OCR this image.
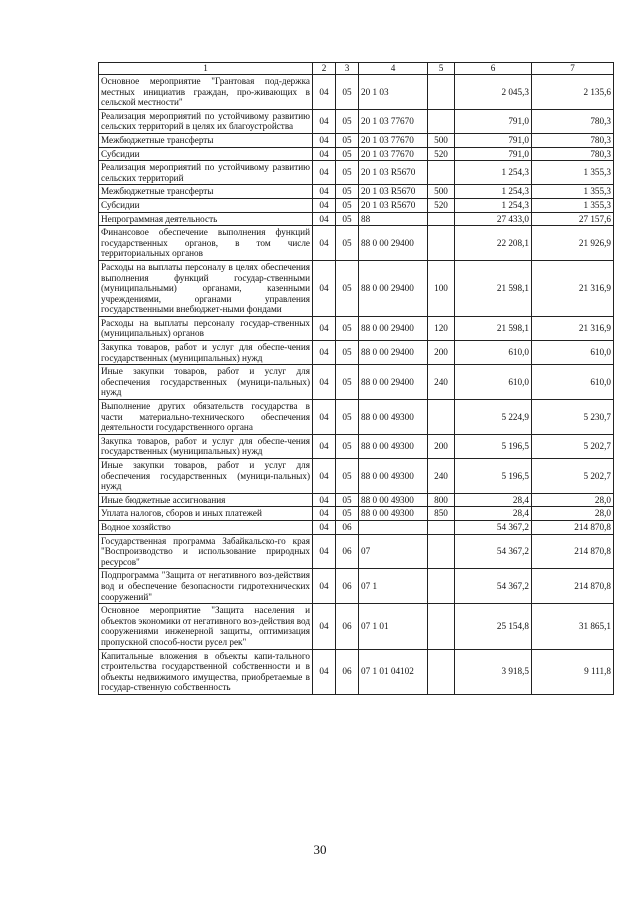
1	2	3	4	5	6	7
Основное мероприятие "Грантовая под-держка местных инициатив граждан, про-живающих в сельской местности"	04	05	20 1 03		2 045,3	2 135,6
Реализация мероприятий по устойчивому развитию сельских территорий в целях их благоустройства	04	05	20 1 03 77670		791,0	780,3
Межбюджетные трансферты	04	05	20 1 03 77670	500	791,0	780,3
Субсидии	04	05	20 1 03 77670	520	791,0	780,3
Реализация мероприятий по устойчивому развитию сельских территорий	04	05	20 1 03 R5670		1 254,3	1 355,3
Межбюджетные трансферты	04	05	20 1 03 R5670	500	1 254,3	1 355,3
Субсидии	04	05	20 1 03 R5670	520	1 254,3	1 355,3
Непрограммная деятельность	04	05	88		27 433,0	27 157,6
Финансовое обеспечение выполнения функций государственных органов, в том числе территориальных органов	04	05	88 0 00 29400		22 208,1	21 926,9
Расходы на выплаты персоналу в целях обеспечения выполнения функций государ-ственными (муниципальными) органами, казенными учреждениями, органами управления государственными внебюджет-ными фондами	04	05	88 0 00 29400	100	21 598,1	21 316,9
Расходы на выплаты персоналу государ-ственных (муниципальных) органов	04	05	88 0 00 29400	120	21 598,1	21 316,9
Закупка товаров, работ и услуг для обеспе-чения государственных (муниципальных) нужд	04	05	88 0 00 29400	200	610,0	610,0
Иные закупки товаров, работ и услуг для обеспечения государственных (муници-пальных) нужд	04	05	88 0 00 29400	240	610,0	610,0
Выполнение других обязательств государства в части материально-технического обеспечения деятельности государственного органа	04	05	88 0 00 49300		5 224,9	5 230,7
Закупка товаров, работ и услуг для обеспе-чения государственных (муниципальных) нужд	04	05	88 0 00 49300	200	5 196,5	5 202,7
Иные закупки товаров, работ и услуг для обеспечения государственных (муници-пальных) нужд	04	05	88 0 00 49300	240	5 196,5	5 202,7
Иные бюджетные ассигнования	04	05	88 0 00 49300	800	28,4	28,0
Уплата налогов, сборов и иных платежей	04	05	88 0 00 49300	850	28,4	28,0
Водное хозяйство	04	06			54 367,2	214 870,8
Государственная программа Забайкальско-го края "Воспроизводство и использование природных ресурсов"	04	06	07		54 367,2	214 870,8
Подпрограмма "Защита от негативного воз-действия вод и обеспечение безопасности гидротехнических сооружений"	04	06	07 1		54 367,2	214 870,8
Основное мероприятие "Защита населения и объектов экономики от негативного воз-действия вод сооружениями инженерной защиты, оптимизация пропускной способ-ности русел рек"	04	06	07 1 01		25 154,8	31 865,1
Капитальные вложения в объекты капи-тального строительства государственной собственности и в объекты недвижимого имущества, приобретаемые в государ-ственную собственность	04	06	07 1 01 04102		3 918,5	9 111,8
30
